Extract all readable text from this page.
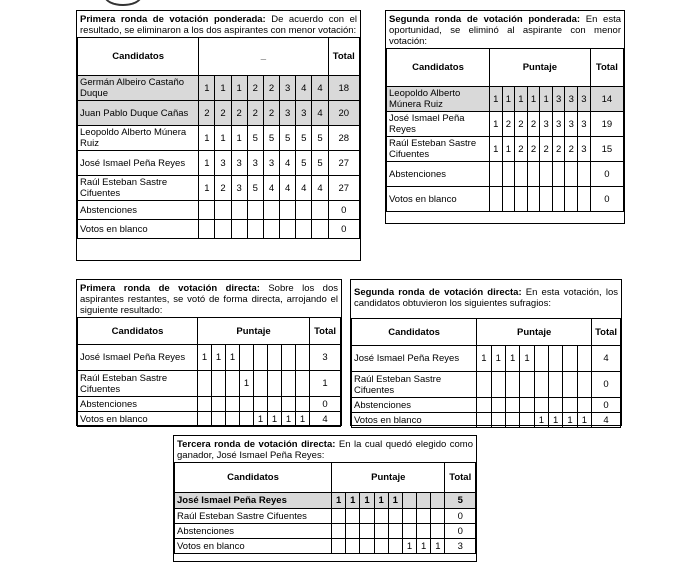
Primera ronda de votación ponderada: De acuerdo con el resultado, se eliminaron a los dos aspirantes con menor votación:
Candidatos	_								Total
Germán Albeiro Castaño Duque	1	1	1	2	2	3	4	4	18
Juan Pablo Duque Cañas	2	2	2	2	2	3	3	4	20
Leopoldo Alberto Múnera Ruiz	1	1	1	5	5	5	5	5	28
José Ismael Peña Reyes	1	3	3	3	3	4	5	5	27
Raúl Esteban Sastre Cifuentes	1	2	3	5	4	4	4	4	27
Abstenciones									0
Votos en blanco									0
Segunda ronda de votación ponderada: En esta oportunidad, se eliminó al aspirante con menor votación:
Candidatos	Puntaje								Total
Leopoldo Alberto Múnera Ruiz	1	1	1	1	1	3	3	3	14
José Ismael Peña Reyes	1	2	2	2	3	3	3	3	19
Raúl Esteban Sastre Cifuentes	1	1	2	2	2	2	2	3	15
Abstenciones									0
Votos en blanco									0
Primera ronda de votación directa: Sobre los dos aspirantes restantes, se votó de forma directa, arrojando el siguiente resultado:
Candidatos	Puntaje								Total
José Ismael Peña Reyes	1	1	1						3
Raúl Esteban Sastre Cifuentes				1					1
Abstenciones									0
Votos en blanco					1	1	1	1	4
Segunda ronda de votación directa: En esta votación, los candidatos obtuvieron los siguientes sufragios:
Candidatos	Puntaje								Total
José Ismael Peña Reyes	1	1	1	1					4
Raúl Esteban Sastre Cifuentes									0
Abstenciones									0
Votos en blanco					1	1	1	1	4
Tercera ronda de votación directa: En la cual quedó elegido como ganador, José Ismael Peña Reyes:
Candidatos	Puntaje								Total
José Ismael Peña Reyes	1	1	1	1	1				5
Raúl Esteban Sastre Cifuentes									0
Abstenciones									0
Votos en blanco						1	1	1	3
